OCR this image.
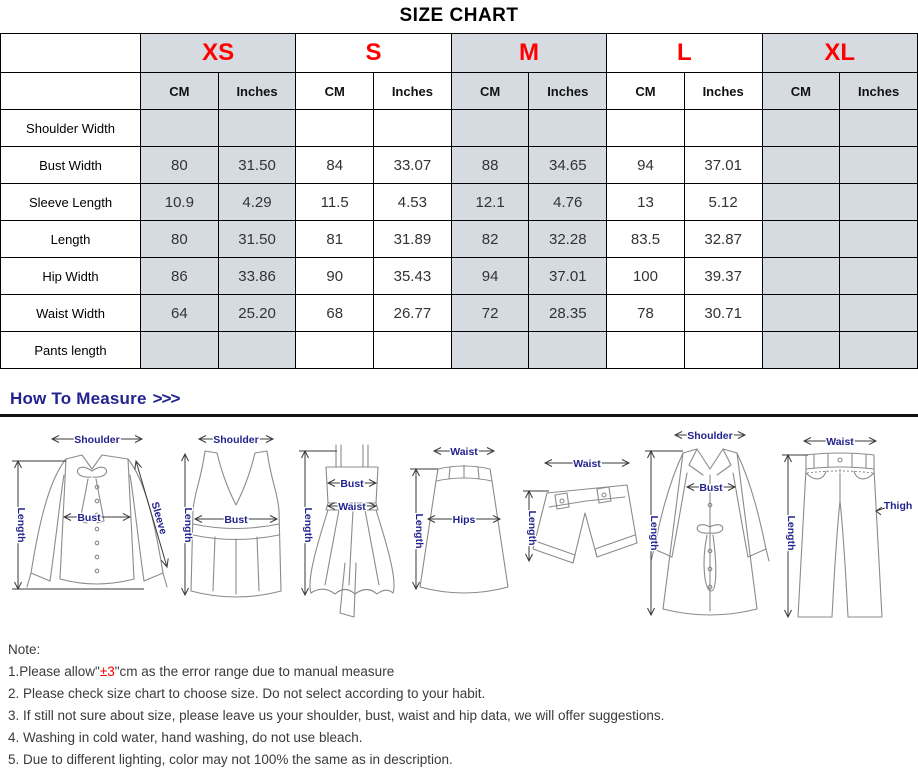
SIZE CHART
	XS		S		M		L		XL	
	CM	Inches	CM	Inches	CM	Inches	CM	Inches	CM	Inches
Shoulder Width										
Bust Width	80	31.50	84	33.07	88	34.65	94	37.01		
Sleeve Length	10.9	4.29	11.5	4.53	12.1	4.76	13	5.12		
Length	80	31.50	81	31.89	82	32.28	83.5	32.87		
Hip Width	86	33.86	90	35.43	94	37.01	100	39.37		
Waist Width	64	25.20	68	26.77	72	28.35	78	30.71		
Pants length										
How To Measure >>>
Shoulder
Length	Bust	Sleeve
Shoulder
Length	Bust	Length
Bust
Waist
Waist
Length	Hips
Waist
Length
Shoulder
Length
Bust
Waist
Length
Thigh
Note:
1.Please allow"±3"cm as the error range due to manual measure
2. Please check size chart to choose size. Do not select according to your habit.
3. If still not sure about size, please leave us your shoulder, bust, waist and hip data, we will offer suggestions.
4. Washing in cold water, hand washing, do not use bleach.
5. Due to different lighting, color may not 100% the same as in description.
